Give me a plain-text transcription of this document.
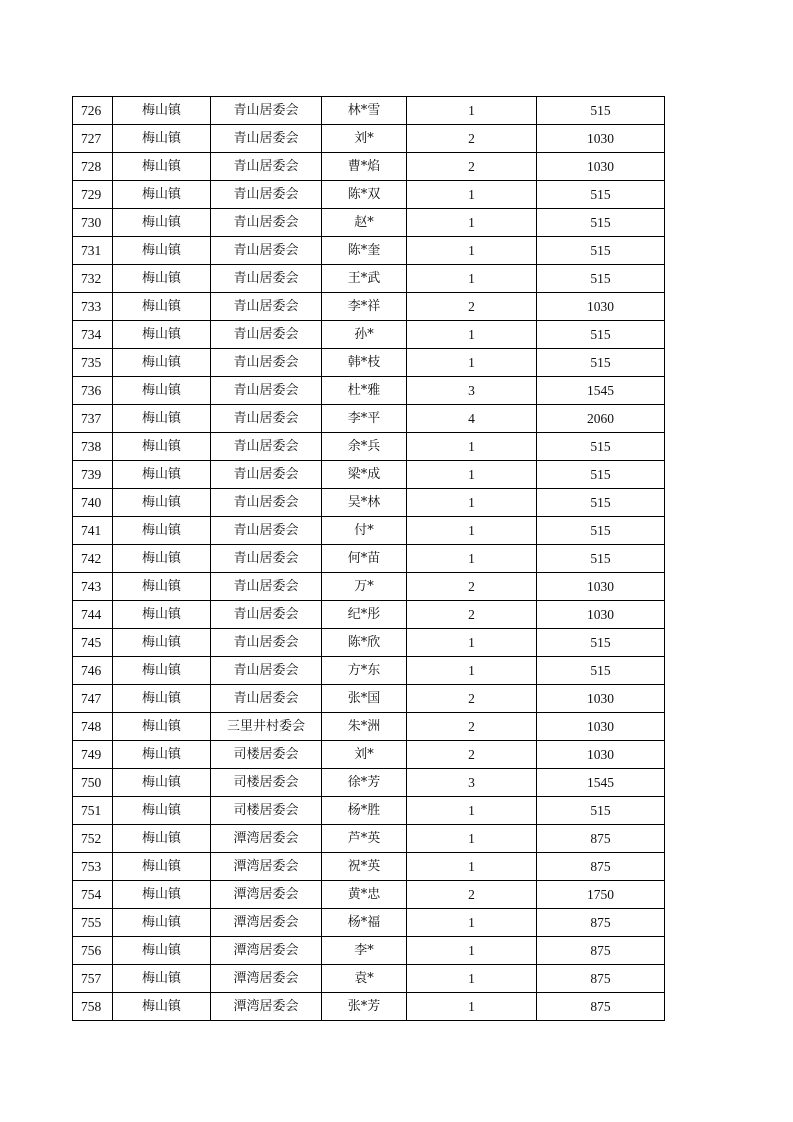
726	梅山镇	青山居委会	林*雪	1	515
727	梅山镇	青山居委会	刘*	2	1030
728	梅山镇	青山居委会	曹*焰	2	1030
729	梅山镇	青山居委会	陈*双	1	515
730	梅山镇	青山居委会	赵*	1	515
731	梅山镇	青山居委会	陈*奎	1	515
732	梅山镇	青山居委会	王*武	1	515
733	梅山镇	青山居委会	李*祥	2	1030
734	梅山镇	青山居委会	孙*	1	515
735	梅山镇	青山居委会	韩*枝	1	515
736	梅山镇	青山居委会	杜*雅	3	1545
737	梅山镇	青山居委会	李*平	4	2060
738	梅山镇	青山居委会	余*兵	1	515
739	梅山镇	青山居委会	梁*成	1	515
740	梅山镇	青山居委会	吴*林	1	515
741	梅山镇	青山居委会	付*	1	515
742	梅山镇	青山居委会	何*苗	1	515
743	梅山镇	青山居委会	万*	2	1030
744	梅山镇	青山居委会	纪*彤	2	1030
745	梅山镇	青山居委会	陈*欣	1	515
746	梅山镇	青山居委会	方*东	1	515
747	梅山镇	青山居委会	张*国	2	1030
748	梅山镇	三里井村委会	朱*洲	2	1030
749	梅山镇	司楼居委会	刘*	2	1030
750	梅山镇	司楼居委会	徐*芳	3	1545
751	梅山镇	司楼居委会	杨*胜	1	515
752	梅山镇	潭湾居委会	芦*英	1	875
753	梅山镇	潭湾居委会	祝*英	1	875
754	梅山镇	潭湾居委会	黄*忠	2	1750
755	梅山镇	潭湾居委会	杨*福	1	875
756	梅山镇	潭湾居委会	李*	1	875
757	梅山镇	潭湾居委会	袁*	1	875
758	梅山镇	潭湾居委会	张*芳	1	875
